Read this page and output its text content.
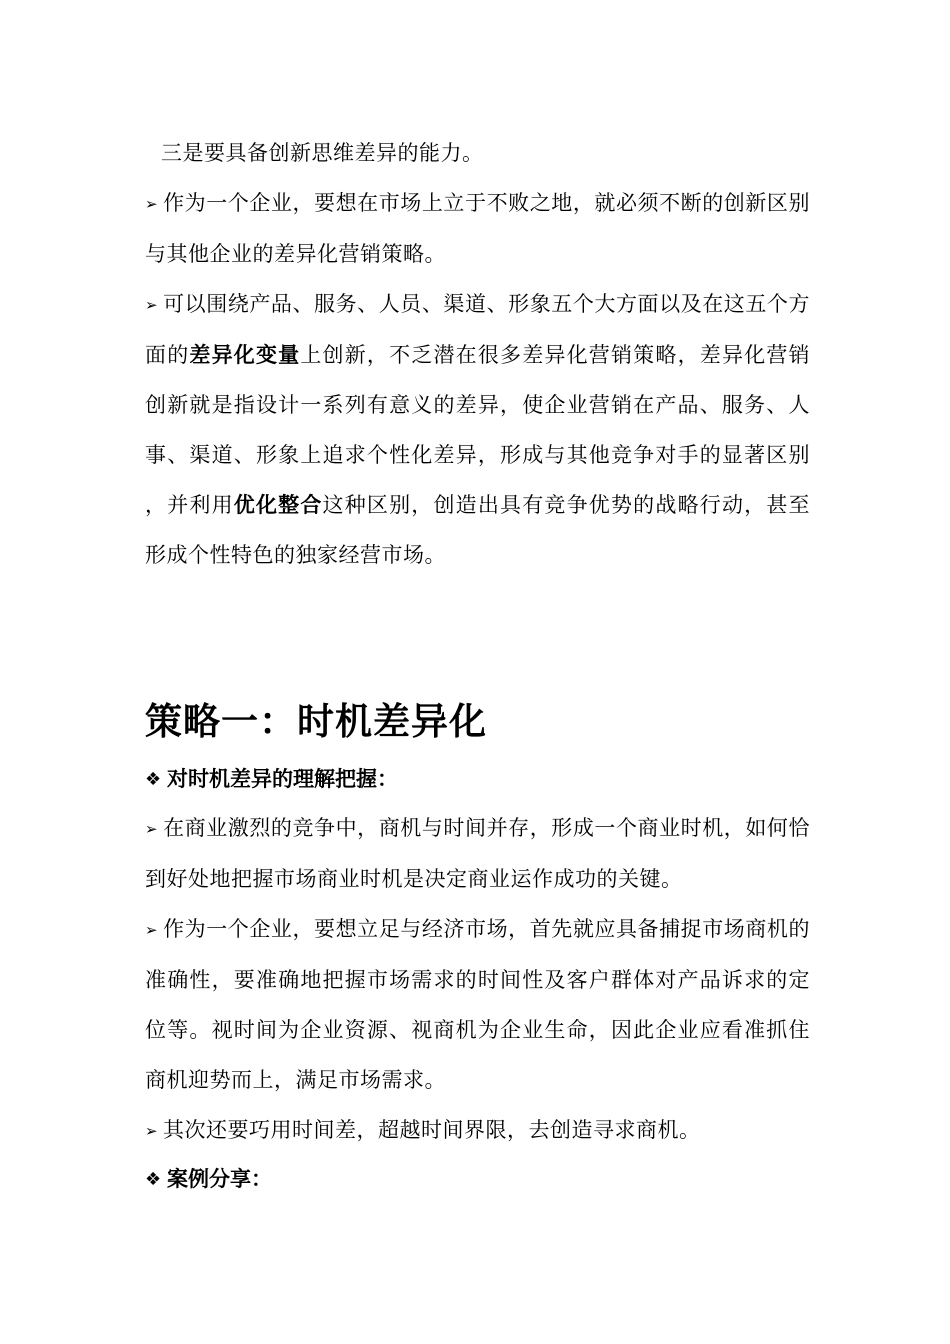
三是要具备创新思维差异的能力。

➢ 作为一个企业，要想在市场上立于不败之地，就必须不断的创新区别与其他企业的差异化营销策略。

➢ 可以围绕产品、服务、人员、渠道、形象五个大方面以及在这五个方面的差异化变量上创新，不乏潜在很多差异化营销策略，差异化营销创新就是指设计一系列有意义的差异，使企业营销在产品、服务、人事、渠道、形象上追求个性化差异，形成与其他竞争对手的显著区别 ，并利用优化整合这种区别，创造出具有竞争优势的战略行动，甚至形成个性特色的独家经营市场。

策略一：时机差异化

❖ 对时机差异的理解把握：

➢ 在商业激烈的竞争中，商机与时间并存，形成一个商业时机，如何恰到好处地把握市场商业时机是决定商业运作成功的关键。

➢ 作为一个企业，要想立足与经济市场，首先就应具备捕捉市场商机的准确性，要准确地把握市场需求的时间性及客户群体对产品诉求的定位等。视时间为企业资源、视商机为企业生命，因此企业应看准抓住商机迎势而上，满足市场需求。

➢ 其次还要巧用时间差，超越时间界限，去创造寻求商机。

❖ 案例分享：
